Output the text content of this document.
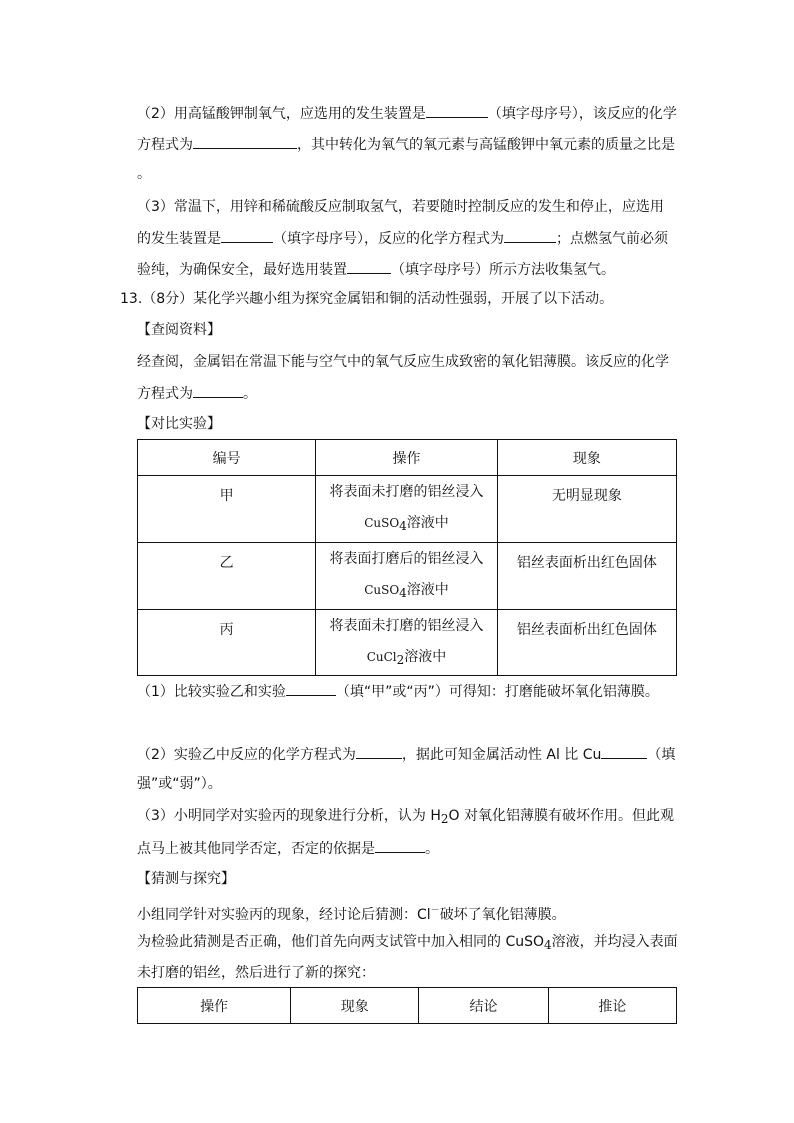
（2）用高锰酸钾制氧气，应选用的发生装置是	（填字母序号），该反应的化学
方程式为	，其中转化为氧气的氧元素与高锰酸钾中氧元素的质量之比是
。
（3）常温下，用锌和稀硫酸反应制取氢气，若要随时控制反应的发生和停止，应选用
的发生装置是	（填字母序号），反应的化学方程式为	；点燃氢气前必须
验纯，为确保安全，最好选用装置	（填字母序号）所示方法收集氢气。
13.（8分）某化学兴趣小组为探究金属铝和铜的活动性强弱，开展了以下活动。
【查阅资料】
经查阅，金属铝在常温下能与空气中的氧气反应生成致密的氧化铝薄膜。该反应的化学
方程式为	。
【对比实验】
编号	操作	现象
甲	将表面未打磨的铝丝浸入
CuSO$_4$溶液中	无明显现象
乙	将表面打磨后的铝丝浸入
CuSO$_4$溶液中	铝丝表面析出红色固体
丙	将表面未打磨的铝丝浸入
CuCl$_2$溶液中	铝丝表面析出红色固体
（1）比较实验乙和实验	（填“甲”或“丙”）可得知：打磨能破坏氧化铝薄膜。
（2）实验乙中反应的化学方程式为	，据此可知金属活动性 Al 比 Cu	（填
强”或“弱”）。
（3）小明同学对实验丙的现象进行分析，认为 $H_2O$ 对氧化铝薄膜有破坏作用。但此观
点马上被其他同学否定，否定的依据是	。
【猜测与探究】
小组同学针对实验丙的现象，经讨论后猜测：Cl－破坏了氧化铝薄膜。
为检验此猜测是否正确，他们首先向两支试管中加入相同的 CuSO$_4$溶液，并均浸入表面
未打磨的铝丝，然后进行了新的探究：
操作	现象	结论	推论
